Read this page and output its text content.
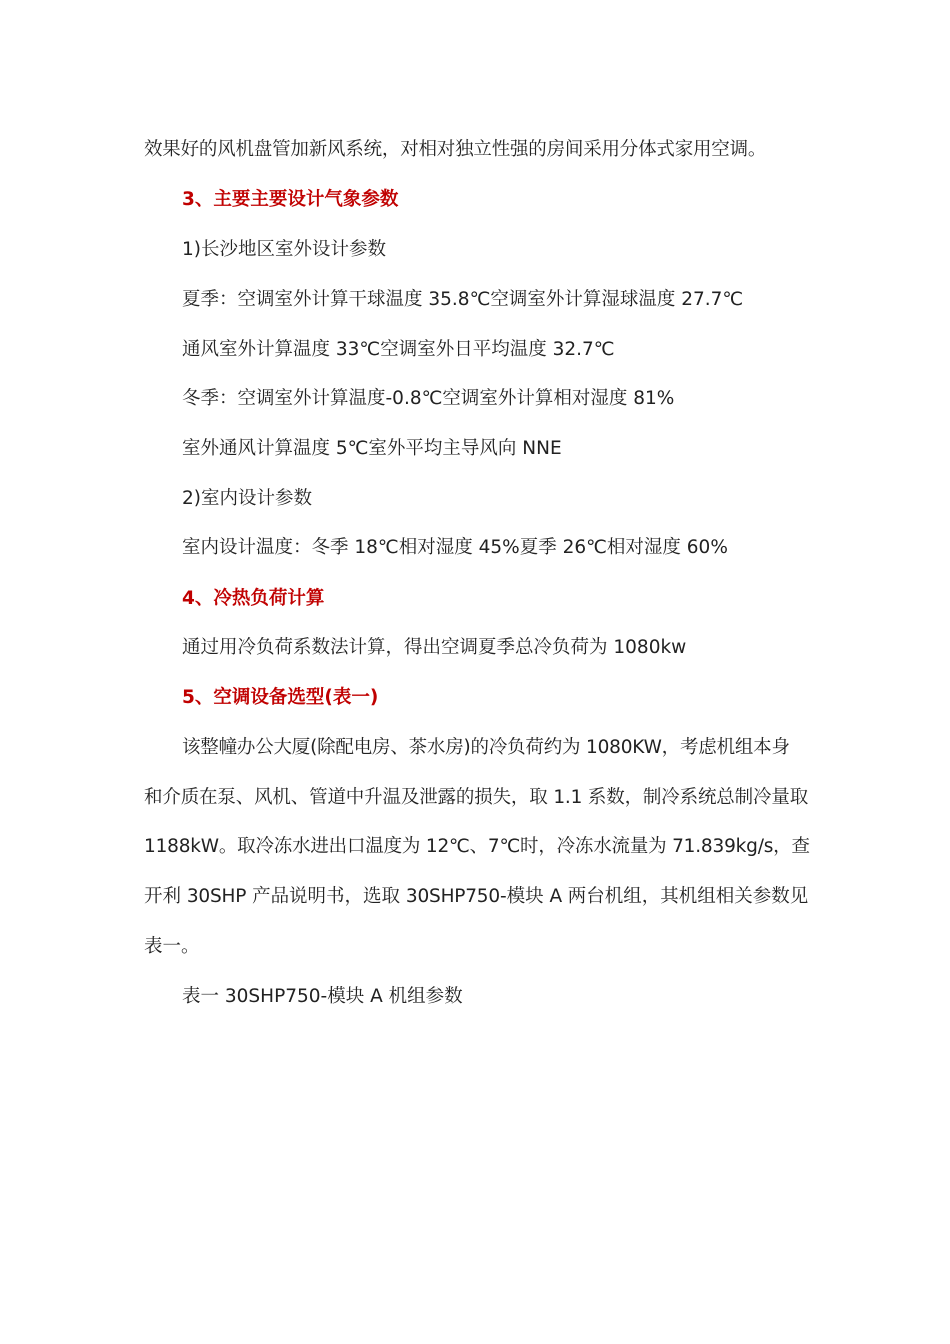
效果好的风机盘管加新风系统，对相对独立性强的房间采用分体式家用空调。
3、主要主要设计气象参数
1)长沙地区室外设计参数
夏季：空调室外计算干球温度 35.8℃空调室外计算湿球温度 27.7℃
通风室外计算温度 33℃空调室外日平均温度 32.7℃
冬季：空调室外计算温度-0.8℃空调室外计算相对湿度 81%
室外通风计算温度 5℃室外平均主导风向 NNE
2)室内设计参数
室内设计温度：冬季 18℃相对湿度 45%夏季 26℃相对湿度 60%
4、冷热负荷计算
通过用冷负荷系数法计算，得出空调夏季总冷负荷为 1080kw
5、空调设备选型(表一)
该整幢办公大厦(除配电房、茶水房)的冷负荷约为 1080KW，考虑机组本身
和介质在泵、风机、管道中升温及泄露的损失，取 1.1 系数，制冷系统总制冷量取
1188kW。取冷冻水进出口温度为 12℃、7℃时，冷冻水流量为 71.839kg/s，查
开利 30SHP 产品说明书，选取 30SHP750-模块 A 两台机组，其机组相关参数见
表一。
表一 30SHP750-模块 A 机组参数
